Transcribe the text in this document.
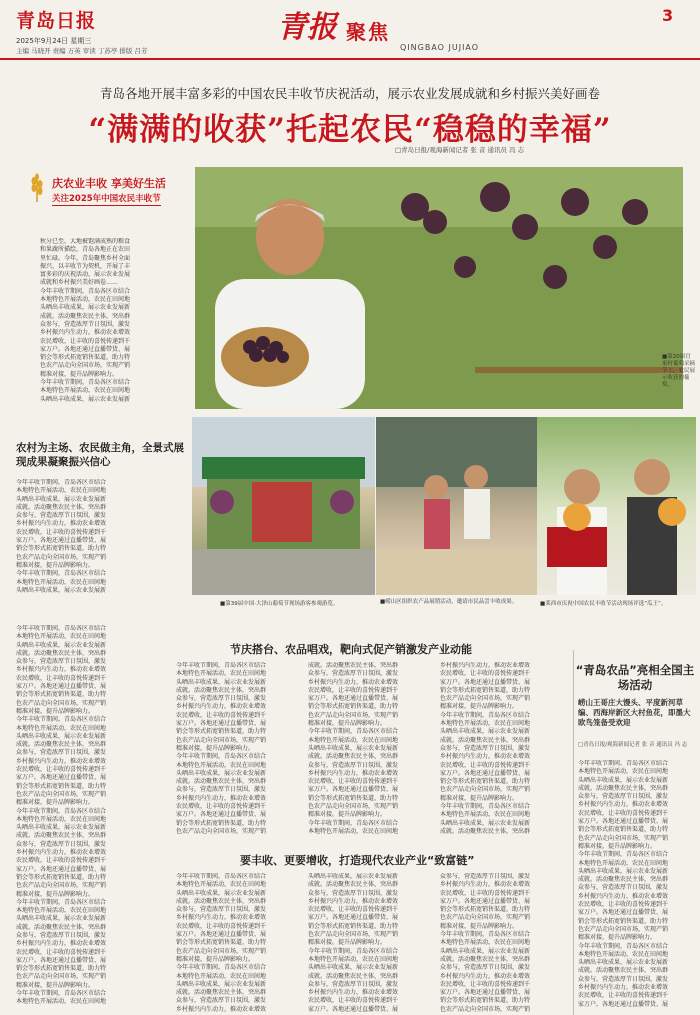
青岛日报
2025年9月24日 星期三
主编 马晓开 责编 万英 审读 丁苏亭 排版 吕芳
青报 聚焦
QINGBAO JUJIAO
3
青岛各地开展丰富多彩的中国农民丰收节庆祝活动，展示农业发展成就和乡村振兴美好画卷
“满满的收获”托起农民“稳稳的幸福”
□青岛日报/观海新闻记者 张 音 通讯员 冯 志
庆农业丰收 享美好生活
关注2025年中国农民丰收节
秋分已至，大地被饱满成熟的粮食
和果蔬所描绘，青岛各地正在农田
里忙碌。今年，青岛聚焦乡村全面
振兴，以丰收节为契机，开展了丰
富多彩的庆祝活动，展示农业发展
成就和乡村振兴美好画卷……
今年丰收节期间，青岛各区市结合
本地特色开展活动，农民在田间地
头晒出丰收成果，展示农业发展新
成就。活动聚焦农民主体，突出群
众参与，营造浓厚节日氛围，激发
乡村振兴内生动力，推动农业增效
农民增收，让丰收的喜悦传递到千
家万户。各地还通过直播带货、展
销会等形式拓宽销售渠道，助力特
色农产品走向全国市场，实现产销
精准对接，提升品牌影响力。
今年丰收节期间，青岛各区市结合
本地特色开展活动，农民在田间地
头晒出丰收成果，展示农业发展新
■第20届宫家村葡萄采摘节上，农民展示收获的葡萄。
农村为主场、农民做主角，全景式展现成果凝聚振兴信心
今年丰收节期间，青岛各区市结合
本地特色开展活动，农民在田间地
头晒出丰收成果，展示农业发展新
成就。活动聚焦农民主体，突出群
众参与，营造浓厚节日氛围，激发
乡村振兴内生动力，推动农业增效
农民增收，让丰收的喜悦传递到千
家万户。各地还通过直播带货、展
销会等形式拓宽销售渠道，助力特
色农产品走向全国市场，实现产销
精准对接，提升品牌影响力。
今年丰收节期间，青岛各区市结合
本地特色开展活动，农民在田间地
头晒出丰收成果，展示农业发展新
■第39届中国·大泽山葡萄节现场游客参观游览。	■崂山区组织农产品展销活动，邀请市民品尝丰收成果。	■莱西市庆祝中国农民丰收节活动现场评选“瓜王”。
今年丰收节期间，青岛各区市结合
本地特色开展活动，农民在田间地
头晒出丰收成果，展示农业发展新
成就。活动聚焦农民主体，突出群
众参与，营造浓厚节日氛围，激发
乡村振兴内生动力，推动农业增效
农民增收，让丰收的喜悦传递到千
家万户。各地还通过直播带货、展
销会等形式拓宽销售渠道，助力特
色农产品走向全国市场，实现产销
精准对接，提升品牌影响力。
今年丰收节期间，青岛各区市结合
本地特色开展活动，农民在田间地
头晒出丰收成果，展示农业发展新
成就。活动聚焦农民主体，突出群
众参与，营造浓厚节日氛围，激发
乡村振兴内生动力，推动农业增效
农民增收，让丰收的喜悦传递到千
家万户。各地还通过直播带货、展
销会等形式拓宽销售渠道，助力特
色农产品走向全国市场，实现产销
精准对接，提升品牌影响力。
今年丰收节期间，青岛各区市结合
本地特色开展活动，农民在田间地
头晒出丰收成果，展示农业发展新
成就。活动聚焦农民主体，突出群
众参与，营造浓厚节日氛围，激发
乡村振兴内生动力，推动农业增效
农民增收，让丰收的喜悦传递到千
家万户。各地还通过直播带货、展
销会等形式拓宽销售渠道，助力特
色农产品走向全国市场，实现产销
精准对接，提升品牌影响力。
今年丰收节期间，青岛各区市结合
本地特色开展活动，农民在田间地
头晒出丰收成果，展示农业发展新
成就。活动聚焦农民主体，突出群
众参与，营造浓厚节日氛围，激发
乡村振兴内生动力，推动农业增效
农民增收，让丰收的喜悦传递到千
家万户。各地还通过直播带货、展
销会等形式拓宽销售渠道，助力特
色农产品走向全国市场，实现产销
精准对接，提升品牌影响力。
今年丰收节期间，青岛各区市结合
本地特色开展活动，农民在田间地
节庆搭台、农品唱戏，靶向式促产销激发产业动能
今年丰收节期间，青岛各区市结合
本地特色开展活动，农民在田间地
头晒出丰收成果，展示农业发展新
成就。活动聚焦农民主体，突出群
众参与，营造浓厚节日氛围，激发
乡村振兴内生动力，推动农业增效
农民增收，让丰收的喜悦传递到千
家万户。各地还通过直播带货、展
销会等形式拓宽销售渠道，助力特
色农产品走向全国市场，实现产销
精准对接，提升品牌影响力。
今年丰收节期间，青岛各区市结合
本地特色开展活动，农民在田间地
头晒出丰收成果，展示农业发展新
成就。活动聚焦农民主体，突出群
众参与，营造浓厚节日氛围，激发
乡村振兴内生动力，推动农业增效
农民增收，让丰收的喜悦传递到千
家万户。各地还通过直播带货、展
销会等形式拓宽销售渠道，助力特
色农产品走向全国市场，实现产销
成就。活动聚焦农民主体，突出群
众参与，营造浓厚节日氛围，激发
乡村振兴内生动力，推动农业增效
农民增收，让丰收的喜悦传递到千
家万户。各地还通过直播带货、展
销会等形式拓宽销售渠道，助力特
色农产品走向全国市场，实现产销
精准对接，提升品牌影响力。
今年丰收节期间，青岛各区市结合
本地特色开展活动，农民在田间地
头晒出丰收成果，展示农业发展新
成就。活动聚焦农民主体，突出群
众参与，营造浓厚节日氛围，激发
乡村振兴内生动力，推动农业增效
农民增收，让丰收的喜悦传递到千
家万户。各地还通过直播带货、展
销会等形式拓宽销售渠道，助力特
色农产品走向全国市场，实现产销
精准对接，提升品牌影响力。
今年丰收节期间，青岛各区市结合
本地特色开展活动，农民在田间地
乡村振兴内生动力，推动农业增效
农民增收，让丰收的喜悦传递到千
家万户。各地还通过直播带货、展
销会等形式拓宽销售渠道，助力特
色农产品走向全国市场，实现产销
精准对接，提升品牌影响力。
今年丰收节期间，青岛各区市结合
本地特色开展活动，农民在田间地
头晒出丰收成果，展示农业发展新
成就。活动聚焦农民主体，突出群
众参与，营造浓厚节日氛围，激发
乡村振兴内生动力，推动农业增效
农民增收，让丰收的喜悦传递到千
家万户。各地还通过直播带货、展
销会等形式拓宽销售渠道，助力特
色农产品走向全国市场，实现产销
精准对接，提升品牌影响力。
今年丰收节期间，青岛各区市结合
本地特色开展活动，农民在田间地
头晒出丰收成果，展示农业发展新
成就。活动聚焦农民主体，突出群
要丰收、更要增收，打造现代农业产业“致富链”
今年丰收节期间，青岛各区市结合
本地特色开展活动，农民在田间地
头晒出丰收成果，展示农业发展新
成就。活动聚焦农民主体，突出群
众参与，营造浓厚节日氛围，激发
乡村振兴内生动力，推动农业增效
农民增收，让丰收的喜悦传递到千
家万户。各地还通过直播带货、展
销会等形式拓宽销售渠道，助力特
色农产品走向全国市场，实现产销
精准对接，提升品牌影响力。
今年丰收节期间，青岛各区市结合
本地特色开展活动，农民在田间地
头晒出丰收成果，展示农业发展新
成就。活动聚焦农民主体，突出群
众参与，营造浓厚节日氛围，激发
乡村振兴内生动力，推动农业增效
头晒出丰收成果，展示农业发展新
成就。活动聚焦农民主体，突出群
众参与，营造浓厚节日氛围，激发
乡村振兴内生动力，推动农业增效
农民增收，让丰收的喜悦传递到千
家万户。各地还通过直播带货、展
销会等形式拓宽销售渠道，助力特
色农产品走向全国市场，实现产销
精准对接，提升品牌影响力。
今年丰收节期间，青岛各区市结合
本地特色开展活动，农民在田间地
头晒出丰收成果，展示农业发展新
成就。活动聚焦农民主体，突出群
众参与，营造浓厚节日氛围，激发
乡村振兴内生动力，推动农业增效
农民增收，让丰收的喜悦传递到千
家万户。各地还通过直播带货、展
众参与，营造浓厚节日氛围，激发
乡村振兴内生动力，推动农业增效
农民增收，让丰收的喜悦传递到千
家万户。各地还通过直播带货、展
销会等形式拓宽销售渠道，助力特
色农产品走向全国市场，实现产销
精准对接，提升品牌影响力。
今年丰收节期间，青岛各区市结合
本地特色开展活动，农民在田间地
头晒出丰收成果，展示农业发展新
成就。活动聚焦农民主体，突出群
众参与，营造浓厚节日氛围，激发
乡村振兴内生动力，推动农业增效
农民增收，让丰收的喜悦传递到千
家万户。各地还通过直播带货、展
销会等形式拓宽销售渠道，助力特
色农产品走向全国市场，实现产销
“青岛农品”亮相全国主场活动
崂山王哥庄大馒头、平度新河草编、西海岸新区大村鱼花，即墨大欧鸟笼备受欢迎
□青岛日报/观海新闻记者 张 音 通讯员 冯 志
今年丰收节期间，青岛各区市结合
本地特色开展活动，农民在田间地
头晒出丰收成果，展示农业发展新
成就。活动聚焦农民主体，突出群
众参与，营造浓厚节日氛围，激发
乡村振兴内生动力，推动农业增效
农民增收，让丰收的喜悦传递到千
家万户。各地还通过直播带货、展
销会等形式拓宽销售渠道，助力特
色农产品走向全国市场，实现产销
精准对接，提升品牌影响力。
今年丰收节期间，青岛各区市结合
本地特色开展活动，农民在田间地
头晒出丰收成果，展示农业发展新
成就。活动聚焦农民主体，突出群
众参与，营造浓厚节日氛围，激发
乡村振兴内生动力，推动农业增效
农民增收，让丰收的喜悦传递到千
家万户。各地还通过直播带货、展
销会等形式拓宽销售渠道，助力特
色农产品走向全国市场，实现产销
精准对接，提升品牌影响力。
今年丰收节期间，青岛各区市结合
本地特色开展活动，农民在田间地
头晒出丰收成果，展示农业发展新
成就。活动聚焦农民主体，突出群
众参与，营造浓厚节日氛围，激发
乡村振兴内生动力，推动农业增效
农民增收，让丰收的喜悦传递到千
家万户。各地还通过直播带货、展
